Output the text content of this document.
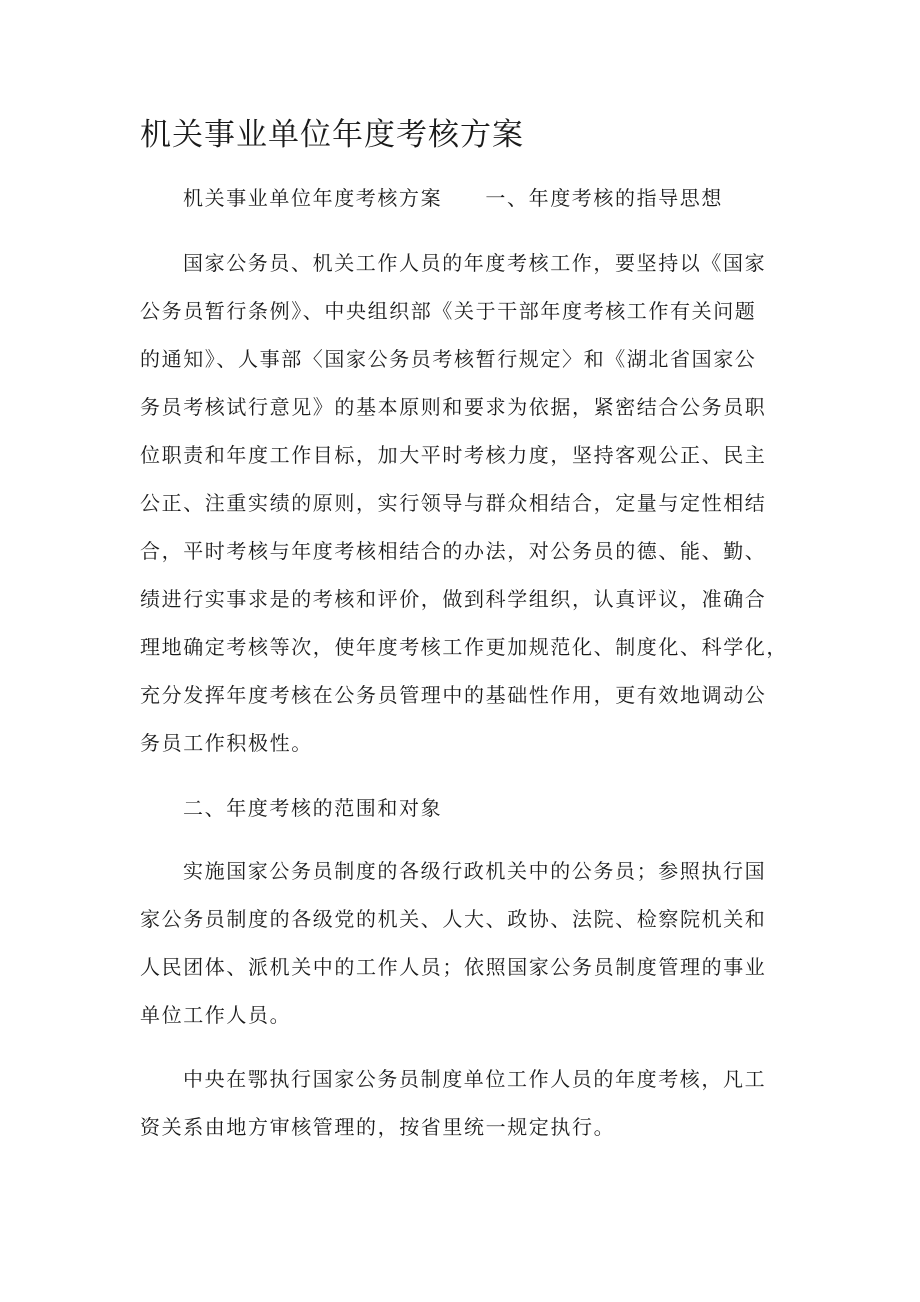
机关事业单位年度考核方案
机关事业单位年度考核方案　　一、年度考核的指导思想
国家公务员、机关工作人员的年度考核工作，要坚持以《国家
公务员暂行条例》、中央组织部《关于干部年度考核工作有关问题
的通知》、人事部〈国家公务员考核暂行规定〉和《湖北省国家公
务员考核试行意见》的基本原则和要求为依据，紧密结合公务员职
位职责和年度工作目标，加大平时考核力度，坚持客观公正、民主
公正、注重实绩的原则，实行领导与群众相结合，定量与定性相结
合，平时考核与年度考核相结合的办法，对公务员的德、能、勤、
绩进行实事求是的考核和评价，做到科学组织，认真评议，准确合
理地确定考核等次，使年度考核工作更加规范化、制度化、科学化，
充分发挥年度考核在公务员管理中的基础性作用，更有效地调动公
务员工作积极性。
二、年度考核的范围和对象
实施国家公务员制度的各级行政机关中的公务员；参照执行国
家公务员制度的各级党的机关、人大、政协、法院、检察院机关和
人民团体、派机关中的工作人员；依照国家公务员制度管理的事业
单位工作人员。
中央在鄂执行国家公务员制度单位工作人员的年度考核，凡工
资关系由地方审核管理的，按省里统一规定执行。
